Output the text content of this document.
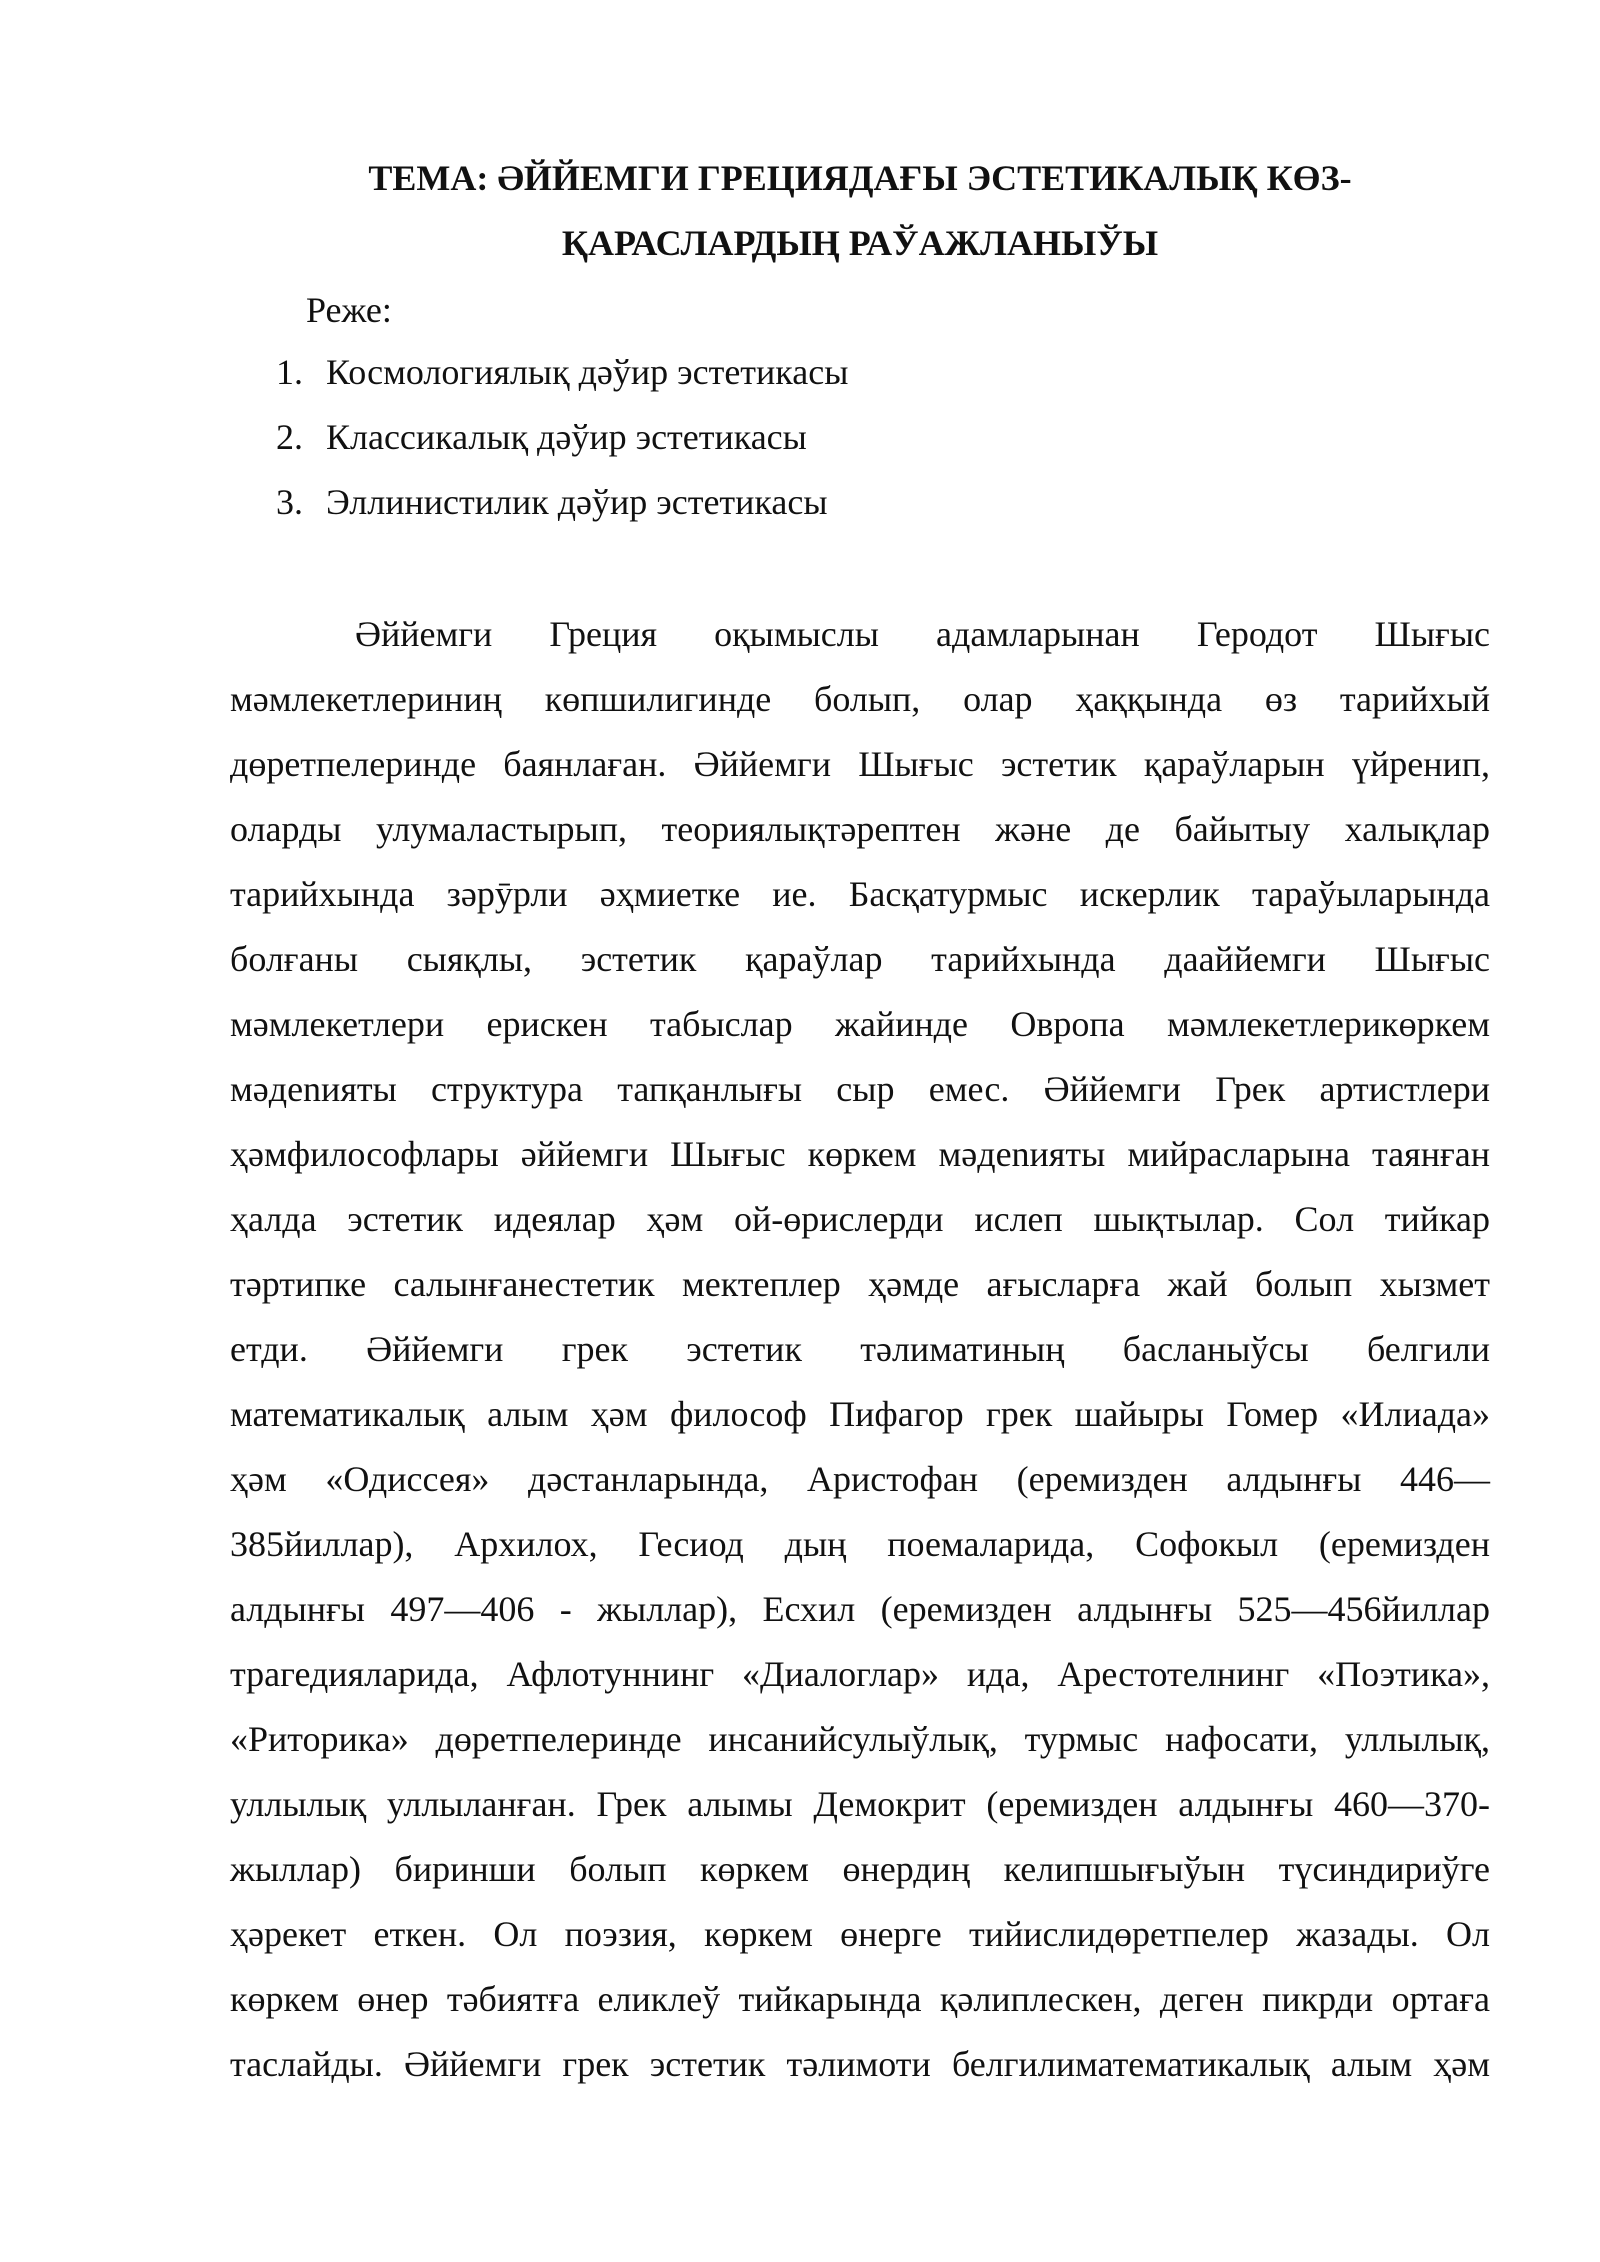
ТЕМА: ӘЙЙЕМГИ ГРЕЦИЯДАҒЫ ЭСТЕТИКАЛЫҚ КӨЗ-
ҚАРАСЛАРДЫҢ РАЎАЖЛАНЫЎЫ

Реже:

1. Космологиялық дәўир эстетикасы
2. Классикалық дәўир эстетикасы
3. Эллинистилик дәўир эстетикасы
Әййемги Греция оқымыслы адамларынан Геродот Шығыс
мәмлекетлериниң көпшилигинде болып, олар ҳаққында өз тарийхый
дөретпелеринде баянлаған. Әййемги Шығыс эстетик қараўларын үйренип,
оларды улумаластырып, теориялықтәрептен және де байытыу халықлар
тарийхында зәрӯрли әҳмиетке ие. Басқатурмыс искерлик тараўыларында
болғаны сыяқлы, эстетик қараўлар тарийхында дааййемги Шығыс
мәмлекетлери ерискен табыслар жайинде Оврoпа мәмлекетлерикөркем
мәдenияты структура тапқанлығы сыр емес. Әййемги Грек артистлери
ҳәмфилософлары әййемги Шығыс көркем мәдenияты мийрасларына таянған
ҳалда эстетик идеялар ҳәм ой-өрислерди ислеп шықтылар. Сол тийкар
тәртипке салынғанестетик мектеплер ҳәмде ағысларға жай болып хызмет
етди. Әййемги грек эстетик тәлиматиның басланыўсы белгили
математикалық алым ҳәм философ Пифагор грек шайыры Гомер «Илиада»
ҳәм «Одиссея» дәстанларында, Аристофан (еремизден алдынғы 446—
385йиллар), Архилох, Гесиод дың поемаларида, Софокыл (еремизден
алдынғы 497—406 - жыллар), Есхил (еремизден алдынғы 525—456йиллар
трагедияларида, Афлотуннинг «Диалоглар» ида, Арестотелнинг «Поэтика»,
«Риторика» дөретпелеринде инсанийсулыўлық, турмыс нафосати, уллылық,
уллылық уллыланған. Грек алымы Демокрит (еремизден алдынғы 460—370-
жыллар) биринши болып көркем өнердиң келипшығыўын түсиндириўге
ҳәрекет еткен. Ол поэзия, көркем өнерге тийислидөретпелер жазады. Ол
көркем өнер тәбиятға еликлеў тийкарында қәлиплескен, деген пикрди ортаға
таслайды. Әййемги грек эстетик тәлимоти белгилиматематикалық алым ҳәм
